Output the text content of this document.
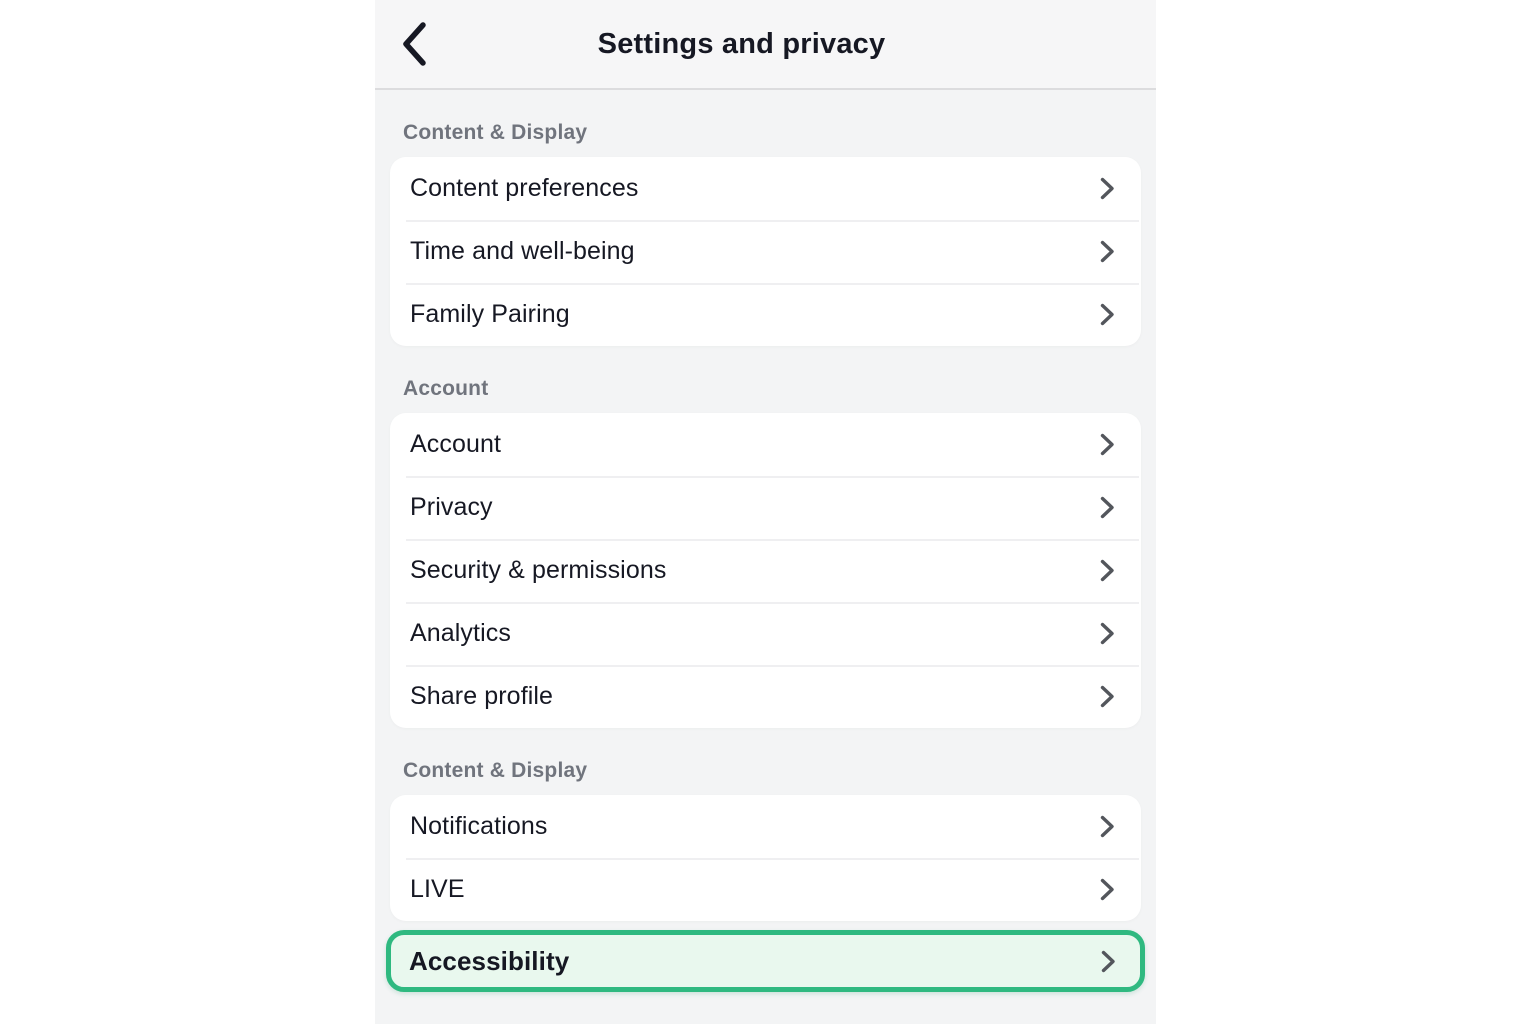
Settings and privacy
Content & Display
Content preferences
Time and well-being
Family Pairing
Account
Account
Privacy
Security & permissions
Analytics
Share profile
Content & Display
Notifications
LIVE
Accessibility
